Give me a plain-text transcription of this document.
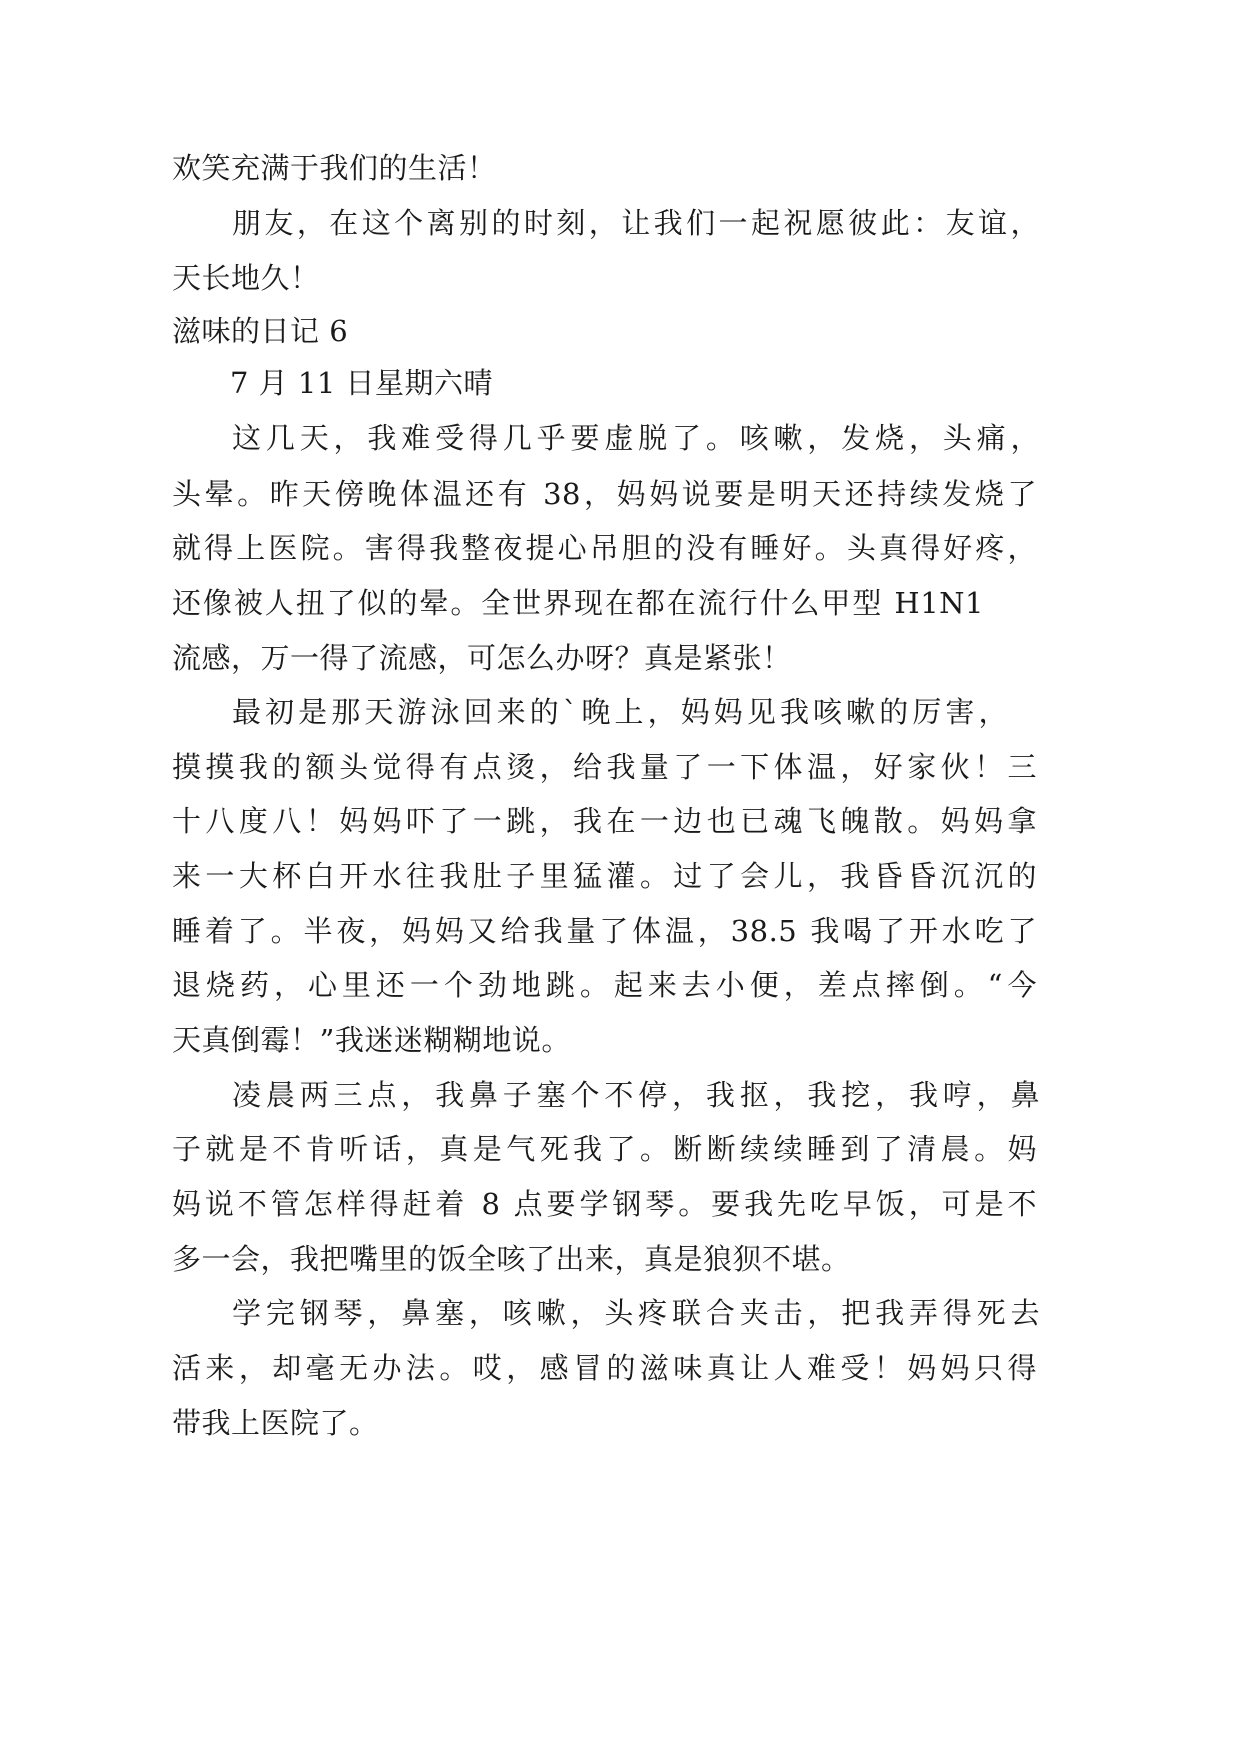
欢笑充满于我们的生活！
朋友，在这个离别的时刻，让我们一起祝愿彼此：友谊，
天长地久！
滋味的日记 6
7 月 11 日星期六晴
这几天，我难受得几乎要虚脱了。咳嗽，发烧，头痛，
头晕。昨天傍晚体温还有 38，妈妈说要是明天还持续发烧了
就得上医院。害得我整夜提心吊胆的没有睡好。头真得好疼，
还像被人扭了似的晕。全世界现在都在流行什么甲型 H1N1
流感，万一得了流感，可怎么办呀？真是紧张！
最初是那天游泳回来的`晚上，妈妈见我咳嗽的厉害，
摸摸我的额头觉得有点烫，给我量了一下体温，好家伙！三
十八度八！妈妈吓了一跳，我在一边也已魂飞魄散。妈妈拿
来一大杯白开水往我肚子里猛灌。过了会儿，我昏昏沉沉的
睡着了。半夜，妈妈又给我量了体温，38.5 我喝了开水吃了
退烧药，心里还一个劲地跳。起来去小便，差点摔倒。“今
天真倒霉！”我迷迷糊糊地说。
凌晨两三点，我鼻子塞个不停，我抠，我挖，我哼，鼻
子就是不肯听话，真是气死我了。断断续续睡到了清晨。妈
妈说不管怎样得赶着 8 点要学钢琴。要我先吃早饭，可是不
多一会，我把嘴里的饭全咳了出来，真是狼狈不堪。
学完钢琴，鼻塞，咳嗽，头疼联合夹击，把我弄得死去
活来，却毫无办法。哎，感冒的滋味真让人难受！妈妈只得
带我上医院了。
